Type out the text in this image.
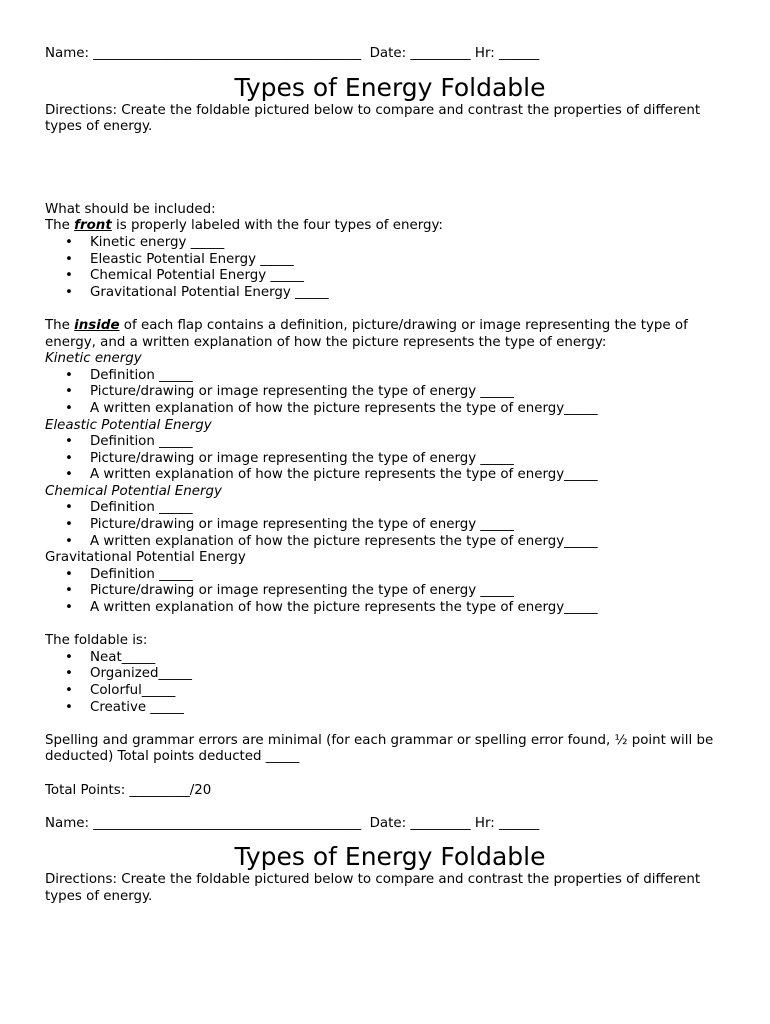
Name: ________________________________________  Date: _________ Hr: ______
Types of Energy Foldable
Directions: Create the foldable pictured below to compare and contrast the properties of different types of energy.
What should be included:
The front is properly labeled with the four types of energy:
• Kinetic energy _____
• Eleastic Potential Energy _____
• Chemical Potential Energy _____
• Gravitational Potential Energy _____
The inside of each flap contains a definition, picture/drawing or image representing the type of energy, and a written explanation of how the picture represents the type of energy:
Kinetic energy
• Definition _____
• Picture/drawing or image representing the type of energy _____
• A written explanation of how the picture represents the type of energy_____
Eleastic Potential Energy
• Definition _____
• Picture/drawing or image representing the type of energy _____
• A written explanation of how the picture represents the type of energy_____
Chemical Potential Energy
• Definition _____
• Picture/drawing or image representing the type of energy _____
• A written explanation of how the picture represents the type of energy_____
Gravitational Potential Energy
• Definition _____
• Picture/drawing or image representing the type of energy _____
• A written explanation of how the picture represents the type of energy_____
The foldable is:
• Neat_____
• Organized_____
• Colorful_____
• Creative _____
Spelling and grammar errors are minimal (for each grammar or spelling error found, ½ point will be deducted) Total points deducted _____
Total Points: _________/20
Name: ________________________________________  Date: _________ Hr: ______
Types of Energy Foldable
Directions: Create the foldable pictured below to compare and contrast the properties of different types of energy.
